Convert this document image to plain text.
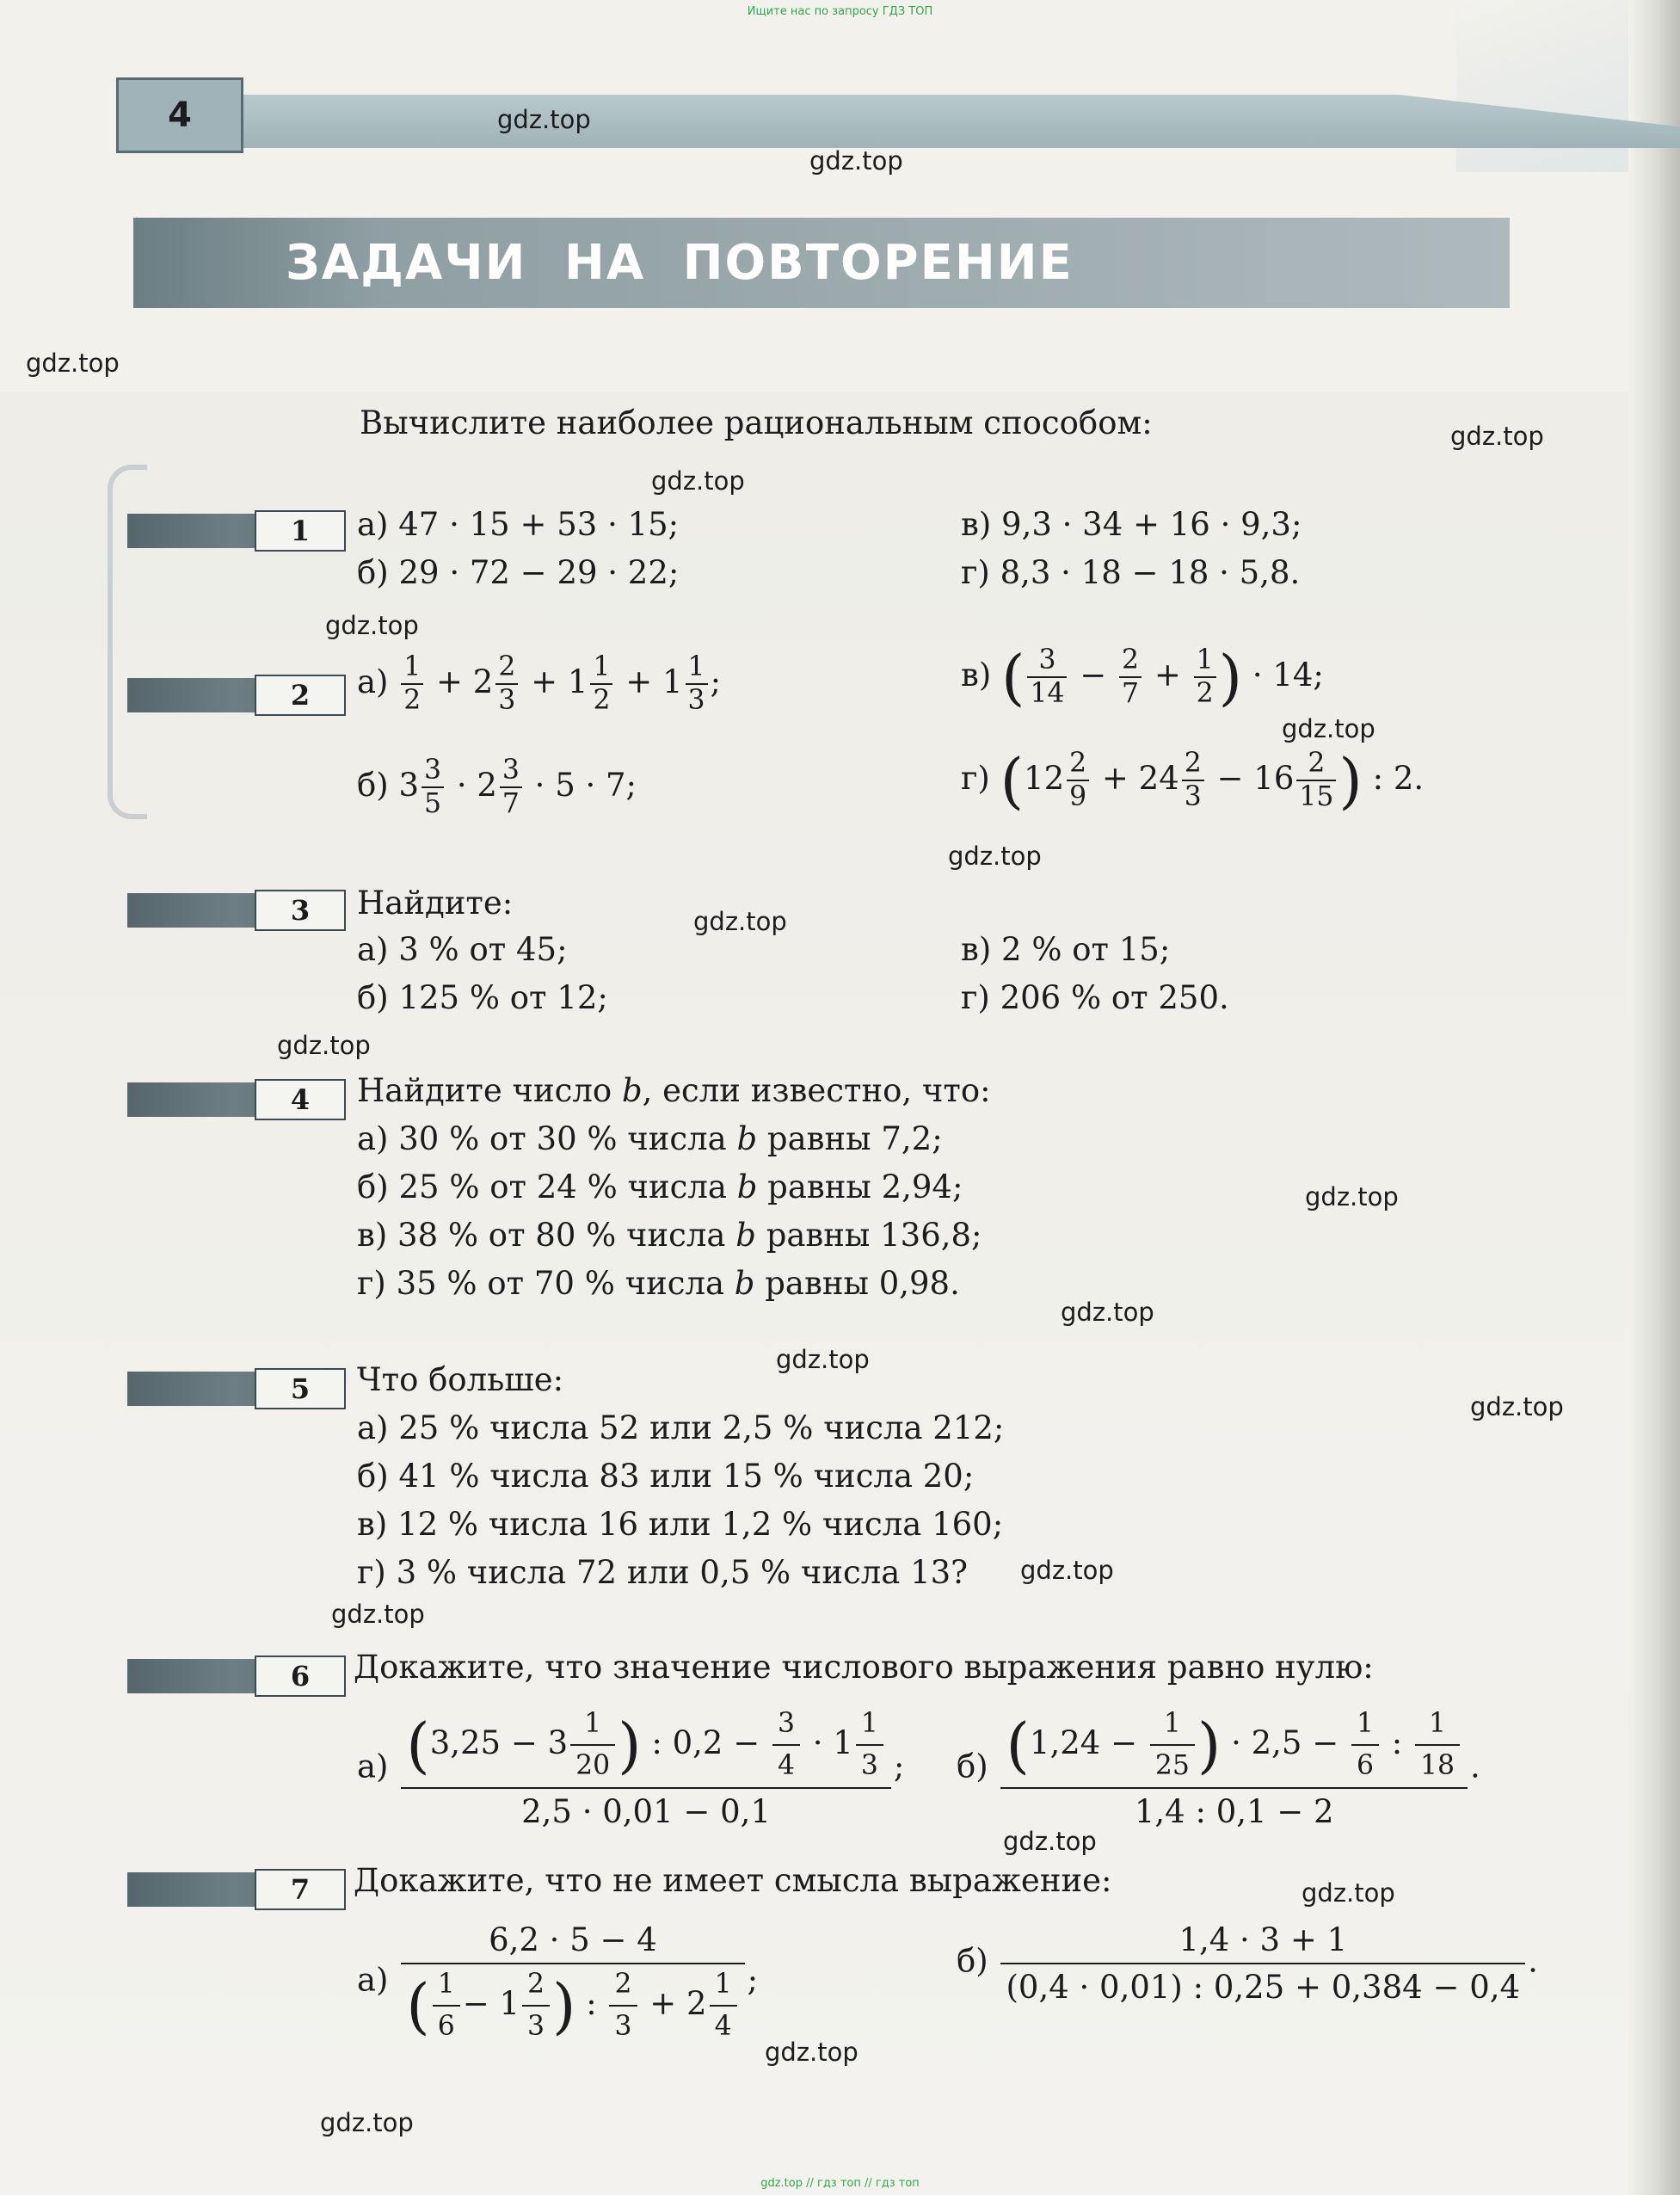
Ищите нас по запросу ГДЗ ТОП
4
ЗАДАЧИ НА ПОВТОРЕНИЕ
gdz.top
gdz.top
gdz.top
gdz.top
gdz.top
gdz.top
gdz.top
gdz.top
gdz.top
gdz.top
gdz.top
gdz.top
gdz.top
gdz.top
gdz.top
gdz.top
gdz.top
gdz.top
gdz.top
gdz.top
Вычислите наиболее рациональным способом:
1	а) 47 · 15 + 53 · 15;	в) 9,3 · 34 + 16 · 9,3;
б) 29 · 72 − 29 · 22;	г) 8,3 · 18 − 18 · 5,8.
2	$а) \frac{1}{2} + 2 \frac{2}{3} + 1 \frac{1}{2} + 1 \frac{1}{3}$ ;	в) ( $\frac{3}{14} - \frac{2}{7} + \frac{1}{2}$ ) · 14;
б) $3 \frac{3}{5} \cdot 2 \frac{3}{7} \cdot 5 \cdot 7$;	г) ($12 \frac{2}{9} + 24 \frac{2}{3} - 16 \frac{2}{15}$ ) : 2.
3	Найдите:
а) 3 % от 45;	в) 2 % от 15;
б) 125 % от 12;	г) 206 % от 250.
4	Найдите число b, если известно, что:
а) 30 % от 30 % числа b равны 7,2;
б) 25 % от 24 % числа b равны 2,94;
в) 38 % от 80 % числа b равны 136,8;
г) 35 % от 70 % числа b равны 0,98.
5	Что больше:
а) 25 % числа 52 или 2,5 % числа 212;
б) 41 % числа 83 или 15 % числа 20;
в) 12 % числа 16 или 1,2 % числа 160;
г) 3 % числа 72 или 0,5 % числа 13?
6	Докажите, что значение числового выражения равно нулю:
$а) \frac{(3,25 - 3 \frac{1}{20} ) : 0,2 - \frac{3}{4} \cdot 1 \frac{1}{3}}{2,5 \cdot 0,01 - 0,1}$ ; $б) \frac{(1,24 - \frac{1}{25} ) \cdot 2,5 - \frac{1}{6} : \frac{1}{18}}{1,4 : 0,1 - 2}$ .
7	Докажите, что не имеет смысла выражение:
$а) \frac{6,2 \cdot 5 - 4}{( \frac{1}{6} - 1 \frac{2}{3} ) : \frac{2}{3} + 2 \frac{1}{4}}$ ;
$б) \frac{1,4 \cdot 3 + 1}{(0,4 \cdot 0,01) : 0,25 + 0,384 - 0,4}$ .
gdz.top // гдз топ // гдз топ
